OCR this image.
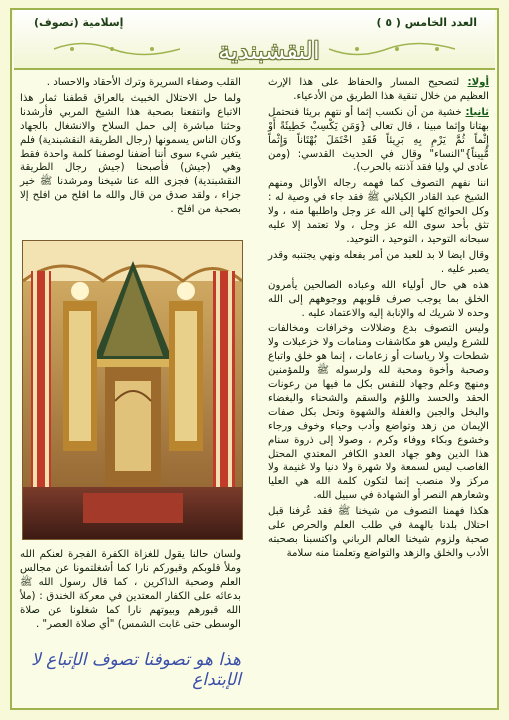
العدد الخامس ( ٥ )
إسلامية (تصوف)
النقشبندية

أولا: لتصحيح المسار والحفاظ على هذا الإرث العظيم من خلال تنقية هذا الطريق من الأدعياء.

ثانيا: خشية من أن نكسب إثما أو نتهم بريئا فنحتمل بهتانا وإثما مبينا ، قال تعالى {وَمَن يَكْسِبْ خَطِيئَةً أَوْ إِثْماً ثُمَّ يَرْمِ بِهِ بَرِيئاً فَقَدِ احْتَمَلَ بُهْتَاناً وَإِثْماً مُّبِيناً}"النساء" وقال في الحديث القدسي: (ومن عادى لي وليا فقد آذنته بالحرب).

اننا نفهم التصوف كما فهمه رجاله الأوائل ومنهم الشيخ عبد القادر الكيلاني ﷺ فقد جاء في وصية له : وكل الحوائج كلها إلى الله عز وجل واطلبها منه ، ولا تثق بأحد سوى الله عز وجل ، ولا تعتمد إلا عليه سبحانه التوحيد ، التوحيد ، التوحيد.

وقال ايضا لا بد للعبد من أمر يفعله ونهي يجتنبه وقدر يصبر عليه .

هذه هي حال أولياء الله وعباده الصالحين يأمرون الخلق بما يوجب صرف قلوبهم ووجوههم إلى الله وحده لا شريك له والإنابة إليه والاعتماد عليه .

وليس التصوف بدع وضلالات وخرافات ومخالفات للشرع وليس هو مكاشفات ومنامات ولا خزعبلات ولا شطحات ولا رياسات أو زعامات ، إنما هو خلق واتباع وصحبة وأخوة ومحبة لله ولرسوله ﷺ وللمؤمنين ومنهج وعلم وجهاد للنفس بكل ما فيها من رعونات الحقد والحسد واللؤم والسقم والشحناء والبغضاء والبخل والجبن والغفلة والشهوة وتحل بكل صفات الإيمان من زهد وتواضع وأدب وحياء وخوف ورجاء وخشوع وبكاء ووفاء وكرم ، وصولا إلى ذروة سنام هذا الدين وهو جهاد العدو الكافر المعتدي المحتل الغاصب ليس لسمعة ولا شهرة ولا دنيا ولا غنيمة ولا مركز ولا منصب إنما لتكون كلمة الله هي العليا وشعارهم النصر أو الشهادة في سبيل الله.

هكذا فهمنا التصوف من شيخنا ﷺ فقد عُرفنا قبل احتلال بلدنا بالهمة في طلب العلم والحرص على صحبة ولزوم شيخنا العالم الرباني واكتسبنا بصحبته الأدب والخلق والزهد والتواضع وتعلمنا منه سلامة

القلب وصفاء السريرة وترك الأحقاد والاحساد .

ولما حل الاحتلال الخبيث بالعراق قطفنا ثمار هذا الاتباع وانتفعنا بصحبة هذا الشيخ المربي فأرشدنا وحثنا مباشرة إلى حمل السلاح والانشغال بالجهاد وكان الناس يسمونها (رجال الطريقة النقشبندية) فلم يتغير شيء سوى أننا أضفنا لوصفنا كلمة واحدة فقط وهي (جيش) فأصبحنا (جيش رجال الطريقة النقشبندية) فجزى الله عنا شيخنا ومرشدنا ﷺ خير جزاء ، ولقد صدق من قال والله ما افلح من افلح إلا بصحبة من افلح .

ولسان حالنا يقول للغزاة الكفرة الفجرة لعنكم الله وملأ قلوبكم وقبوركم نارا كما أشغلتمونا عن مجالس العلم وصحبة الذاكرين ، كما قال رسول الله ﷺ بدعائه على الكفار المعتدين في معركة الخندق : (ملأ الله قبورهم وبيوتهم نارا كما شغلونا عن صلاة الوسطى حتى غابت الشمس) "أي صلاة العصر" .

هذا هو تصوفنا تصوف الإتباع لا الإبتداع
